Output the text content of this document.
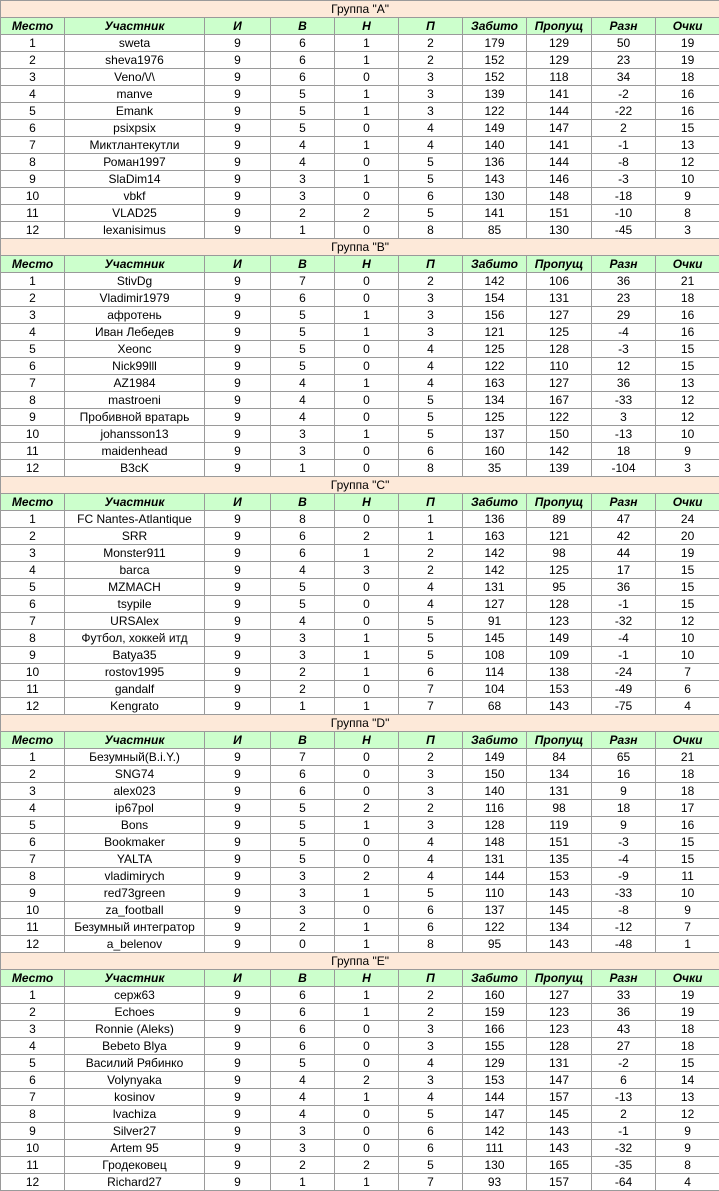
Группа "A"									
Место	Участник	И	В	Н	П	Забито	Пропущ	Разн	Очки
1	sweta	9	6	1	2	179	129	50	19
2	sheva1976	9	6	1	2	152	129	23	19
3	Veno/\/\	9	6	0	3	152	118	34	18
4	manve	9	5	1	3	139	141	-2	16
5	Emank	9	5	1	3	122	144	-22	16
6	psixpsix	9	5	0	4	149	147	2	15
7	Миктлантекутли	9	4	1	4	140	141	-1	13
8	Роман1997	9	4	0	5	136	144	-8	12
9	SlaDim14	9	3	1	5	143	146	-3	10
10	vbkf	9	3	0	6	130	148	-18	9
11	VLAD25	9	2	2	5	141	151	-10	8
12	lexanisimus	9	1	0	8	85	130	-45	3
Группа "B"									
Место	Участник	И	В	Н	П	Забито	Пропущ	Разн	Очки
1	StivDg	9	7	0	2	142	106	36	21
2	Vladimir1979	9	6	0	3	154	131	23	18
3	афротень	9	5	1	3	156	127	29	16
4	Иван Лебедев	9	5	1	3	121	125	-4	16
5	Xeonc	9	5	0	4	125	128	-3	15
6	Nick99lll	9	5	0	4	122	110	12	15
7	AZ1984	9	4	1	4	163	127	36	13
8	mastroeni	9	4	0	5	134	167	-33	12
9	Пробивной вратарь	9	4	0	5	125	122	3	12
10	johansson13	9	3	1	5	137	150	-13	10
11	maidenhead	9	3	0	6	160	142	18	9
12	B3cK	9	1	0	8	35	139	-104	3
Группа "C"									
Место	Участник	И	В	Н	П	Забито	Пропущ	Разн	Очки
1	FC Nantes-Atlantique	9	8	0	1	136	89	47	24
2	SRR	9	6	2	1	163	121	42	20
3	Monster911	9	6	1	2	142	98	44	19
4	barca	9	4	3	2	142	125	17	15
5	MZMACH	9	5	0	4	131	95	36	15
6	tsypile	9	5	0	4	127	128	-1	15
7	URSAlex	9	4	0	5	91	123	-32	12
8	Футбол, хоккей итд	9	3	1	5	145	149	-4	10
9	Batya35	9	3	1	5	108	109	-1	10
10	rostov1995	9	2	1	6	114	138	-24	7
11	gandalf	9	2	0	7	104	153	-49	6
12	Kengrato	9	1	1	7	68	143	-75	4
Группа "D"									
Место	Участник	И	В	Н	П	Забито	Пропущ	Разн	Очки
1	Безумный(B.i.Y.)	9	7	0	2	149	84	65	21
2	SNG74	9	6	0	3	150	134	16	18
3	alex023	9	6	0	3	140	131	9	18
4	ip67pol	9	5	2	2	116	98	18	17
5	Bons	9	5	1	3	128	119	9	16
6	Bookmaker	9	5	0	4	148	151	-3	15
7	YALTA	9	5	0	4	131	135	-4	15
8	vladimirych	9	3	2	4	144	153	-9	11
9	red73green	9	3	1	5	110	143	-33	10
10	za_football	9	3	0	6	137	145	-8	9
11	Безумный интегратор	9	2	1	6	122	134	-12	7
12	a_belenov	9	0	1	8	95	143	-48	1
Группа "E"									
Место	Участник	И	В	Н	П	Забито	Пропущ	Разн	Очки
1	серж63	9	6	1	2	160	127	33	19
2	Echoes	9	6	1	2	159	123	36	19
3	Ronnie (Aleks)	9	6	0	3	166	123	43	18
4	Bebeto Blya	9	6	0	3	155	128	27	18
5	Василий Рябинко	9	5	0	4	129	131	-2	15
6	Volynyaka	9	4	2	3	153	147	6	14
7	kosinov	9	4	1	4	144	157	-13	13
8	lvachiza	9	4	0	5	147	145	2	12
9	Silver27	9	3	0	6	142	143	-1	9
10	Artem 95	9	3	0	6	111	143	-32	9
11	Гродековец	9	2	2	5	130	165	-35	8
12	Richard27	9	1	1	7	93	157	-64	4
